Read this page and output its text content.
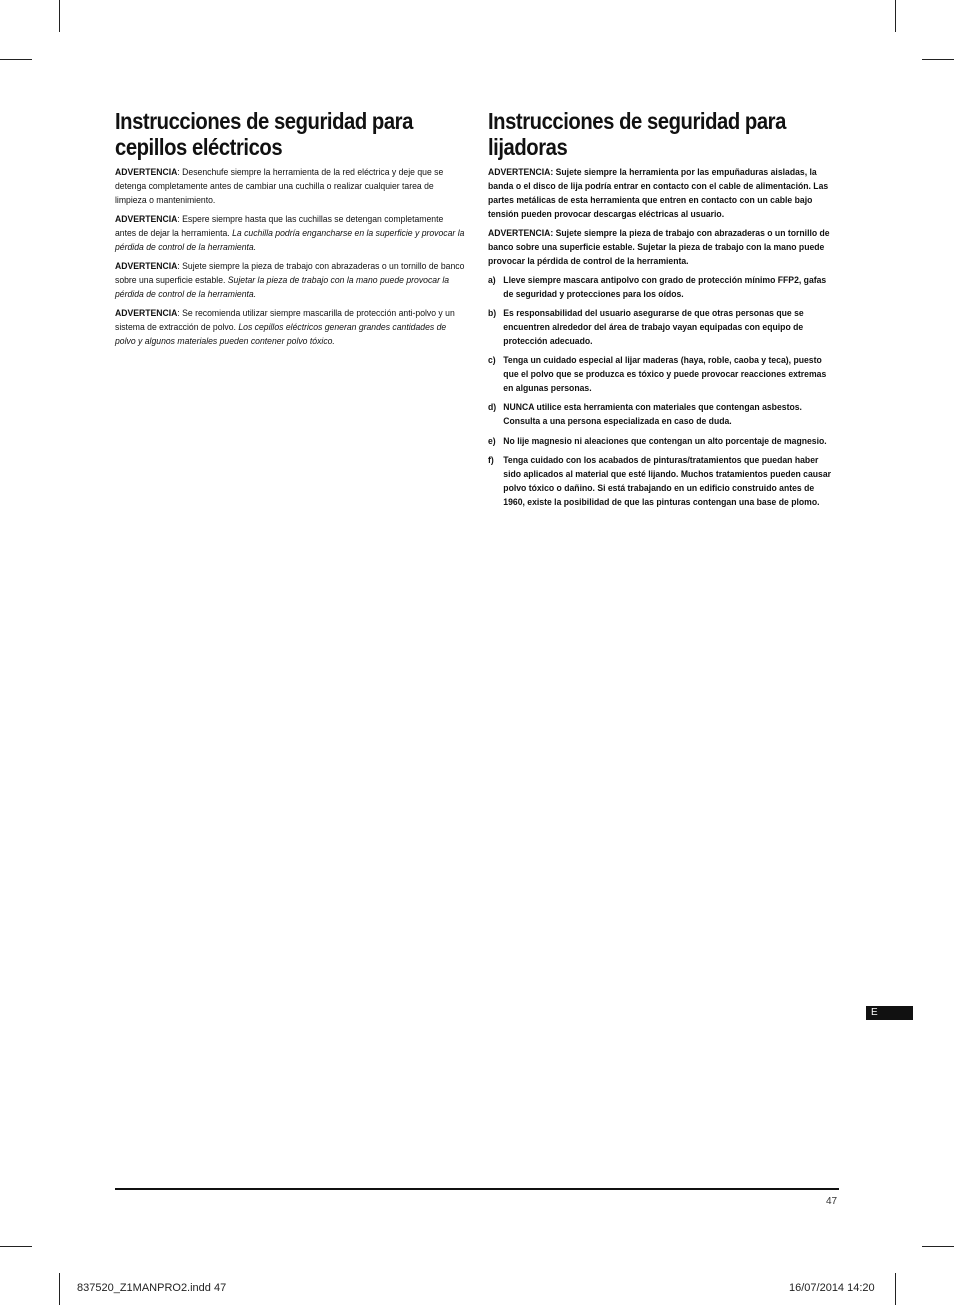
Instrucciones de seguridad para cepillos eléctricos

ADVERTENCIA: Desenchufe siempre la herramienta de la red eléctrica y deje que se detenga completamente antes de cambiar una cuchilla o realizar cualquier tarea de limpieza o mantenimiento.

ADVERTENCIA: Espere siempre hasta que las cuchillas se detengan completamente antes de dejar la herramienta. La cuchilla podría engancharse en la superficie y provocar la pérdida de control de la herramienta.

ADVERTENCIA: Sujete siempre la pieza de trabajo con abrazaderas o un tornillo de banco sobre una superficie estable. Sujetar la pieza de trabajo con la mano puede provocar la pérdida de control de la herramienta.

ADVERTENCIA: Se recomienda utilizar siempre mascarilla de protección anti-polvo y un sistema de extracción de polvo. Los cepillos eléctricos generan grandes cantidades de polvo y algunos materiales pueden contener polvo tóxico.

Instrucciones de seguridad para lijadoras

ADVERTENCIA: Sujete siempre la herramienta por las empuñaduras aisladas, la banda o el disco de lija podría entrar en contacto con el cable de alimentación. Las partes metálicas de esta herramienta que entren en contacto con un cable bajo tensión pueden provocar descargas eléctricas al usuario.

ADVERTENCIA: Sujete siempre la pieza de trabajo con abrazaderas o un tornillo de banco sobre una superficie estable. Sujetar la pieza de trabajo con la mano puede provocar la pérdida de control de la herramienta.

a) Lleve siempre mascara antipolvo con grado de protección mínimo FFP2, gafas de seguridad y protecciones para los oídos.
b) Es responsabilidad del usuario asegurarse de que otras personas que se encuentren alrededor del área de trabajo vayan equipadas con equipo de protección adecuado.
c) Tenga un cuidado especial al lijar maderas (haya, roble, caoba y teca), puesto que el polvo que se produzca es tóxico y puede provocar reacciones extremas en algunas personas.
d) NUNCA utilice esta herramienta con materiales que contengan asbestos. Consulta a una persona especializada en caso de duda.
e) No lije magnesio ni aleaciones que contengan un alto porcentaje de magnesio.
f) Tenga cuidado con los acabados de pinturas/tratamientos que puedan haber sido aplicados al material que esté lijando. Muchos tratamientos pueden causar polvo tóxico o dañino. Si está trabajando en un edificio construido antes de 1960, existe la posibilidad de que las pinturas contengan una base de plomo.
E
47
837520_Z1MANPRO2.indd 47	16/07/2014 14:20
